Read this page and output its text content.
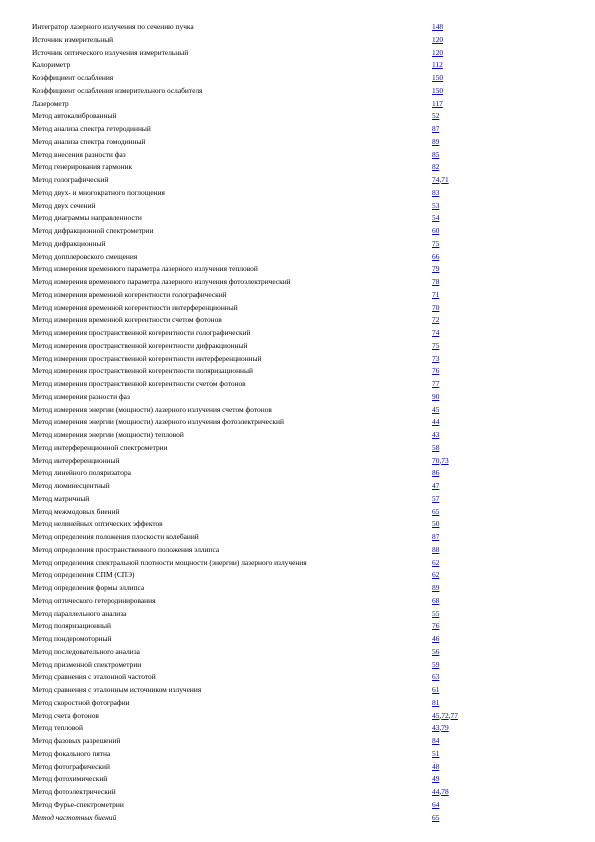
Интегратор лазерного излучения по сечению пучка	148
Источник измерительный	120
Источник оптического излучения измерительный	120
Калориметр	112
Коэффициент ослабления	150
Коэффициент ослабления измерительного ослабителя	150
Лазерометр	117
Метод автокалиброванный	52
Метод анализа спектра гетеродинный	87
Метод анализа спектра гомодинный	89
Метод внесения разности фаз	85
Метод генерирования гармоник	82
Метод голографический	74 , 71
Метод двух- и многократного поглощения	83
Метод двух сечений	53
Метод диаграммы направленности	54
Метод дифракционной спектрометрии	60
Метод дифракционный	75
Метод допплеровского смещения	66
Метод измерения временного параметра лазерного излучения тепловой	79
Метод измерения временного параметра лазерного излучения фотоэлектрический	78
Метод измерения временной когерентности голографический	71
Метод измерения временной когерентности интерференционный	70
Метод измерения временной когерентности счетом фотонов	72
Метод измерения пространственной когерентности голографический	74
Метод измерения пространственной когерентности дифракционный	75
Метод измерения пространственной когерентности интерференционный	73
Метод измерения пространственной когерентности поляризационный	76
Метод измерения пространственной когерентности счетом фотонов	77
Метод измерения разности фаз	90
Метод измерения энергии (мощности) лазерного излучения счетом фотонов	45
Метод измерения энергии (мощности) лазерного излучения фотоэлектрический	44
Метод измерения энергии (мощности) тепловой	43
Метод интерференционной спектрометрии	58
Метод интерференционный	70 , 73
Метод линейного поляризатора	86
Метод люминесцентный	47
Метод матричный	57
Метод межмодовых биений	65
Метод нелинейных оптических эффектов	50
Метод определения положения плоскости колебаний	87
Метод определения пространственного положения эллипса	88
Метод определения спектральной плотности мощности (энергии) лазерного излучения	62
Метод определения СПМ (СПЭ)	62
Метод определения формы эллипса	89
Метод оптического гетеродинирования	68
Метод параллельного анализа	55
Метод поляризационный	76
Метод пондеромоторный	46
Метод последовательного анализа	56
Метод призменной спектрометрии	59
Метод сравнения с эталонной частотой	63
Метод сравнения с эталонным источником излучения	61
Метод скоростной фотографии	81
Метод счета фотонов	45 , 72 , 77
Метод тепловой	43 , 79
Метод фазовых разрешений	84
Метод фокального пятна	51
Метод фотографический	48
Метод фотохимический	49
Метод фотоэлектрический	44 , 78
Метод Фурье-спектрометрии	64
Метод частотных биений	65
